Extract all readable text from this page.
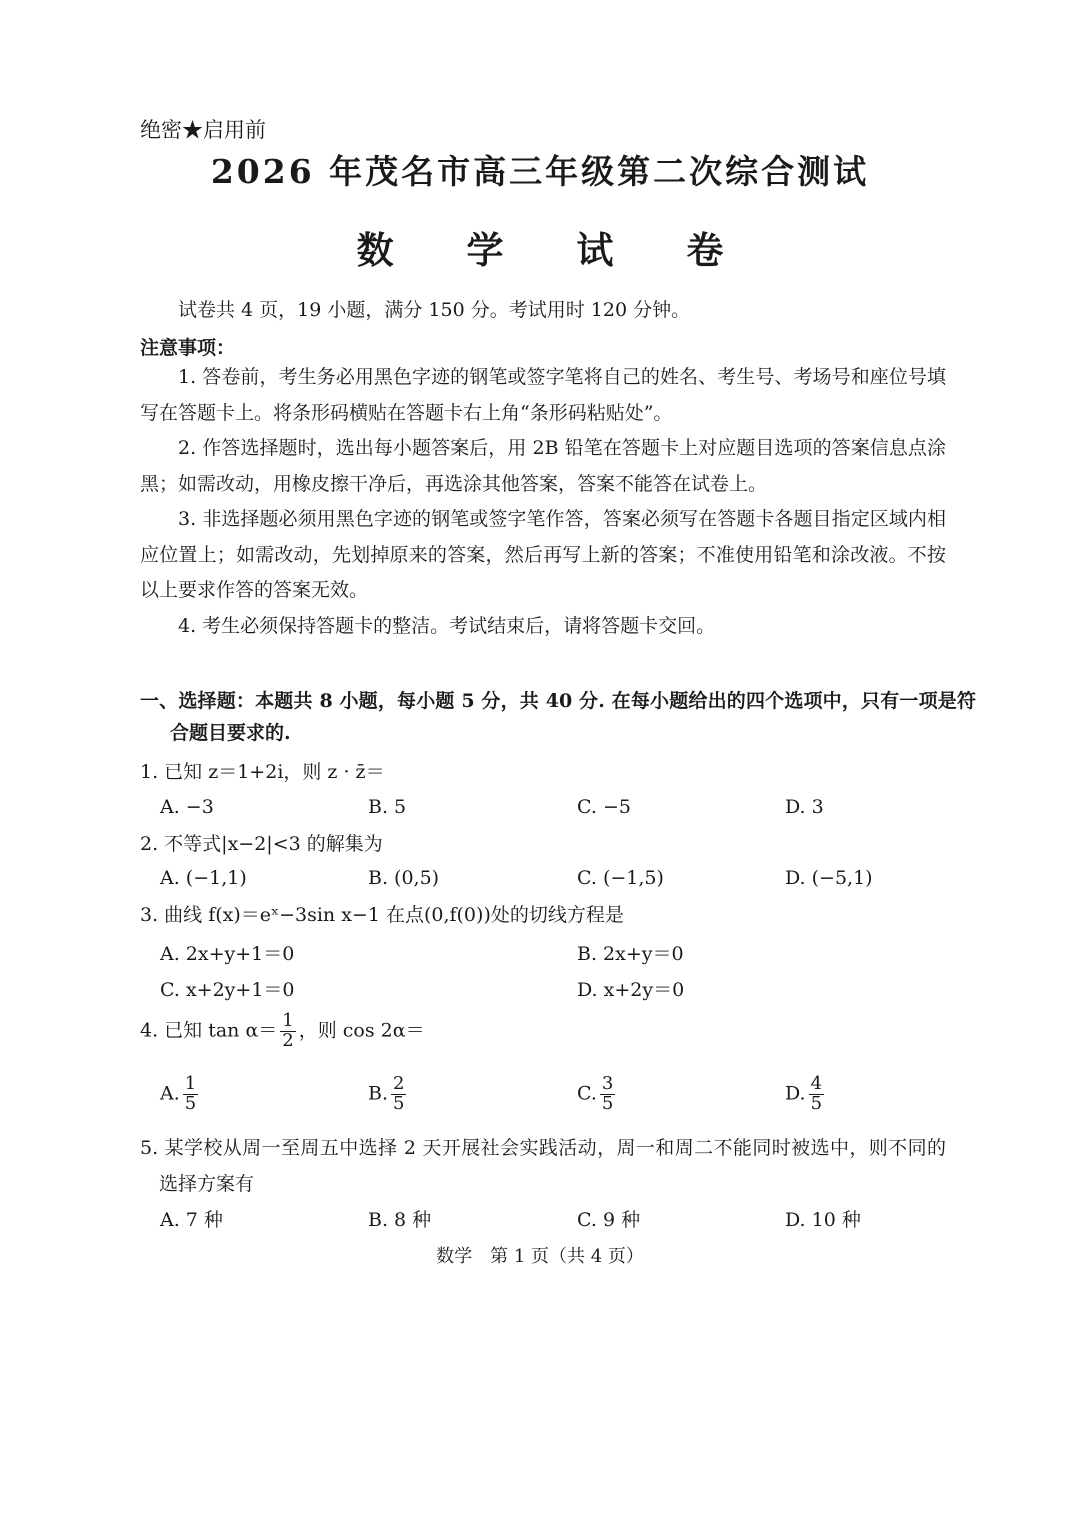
绝密★启用前
2026 年茂名市高三年级第二次综合测试
数 学 试 卷
试卷共 4 页，19 小题，满分 150 分。考试用时 120 分钟。
注意事项：
1. 答卷前，考生务必用黑色字迹的钢笔或签字笔将自己的姓名、考生号、考场号和座位号填写在答题卡上。将条形码横贴在答题卡右上角“条形码粘贴处”。
2. 作答选择题时，选出每小题答案后，用 2B 铅笔在答题卡上对应题目选项的答案信息点涂黑；如需改动，用橡皮擦干净后，再选涂其他答案，答案不能答在试卷上。
3. 非选择题必须用黑色字迹的钢笔或签字笔作答，答案必须写在答题卡各题目指定区域内相应位置上；如需改动，先划掉原来的答案，然后再写上新的答案；不准使用铅笔和涂改液。不按以上要求作答的答案无效。
4. 考生必须保持答题卡的整洁。考试结束后，请将答题卡交回。
一、选择题：本题共 8 小题，每小题 5 分，共 40 分. 在每小题给出的四个选项中，只有一项是符合题目要求的.
1. 已知 z＝1+2i，则 z · z̄＝
A. −3	B. 5	C. −5	D. 3
2. 不等式|x−2|<3 的解集为
A. (−1,1)	B. (0,5)	C. (−1,5)	D. (−5,1)
3. 曲线 f(x)＝eˣ−3sin x−1 在点(0,f(0))处的切线方程是
A. 2x+y+1＝0	B. 2x+y＝0
C. x+2y+1＝0	D. x+2y＝0
4. 已知 $\tan \alpha= \frac{1}{2}$ ，则 cos 2α＝
A. $\frac{1}{5}$	B. $\frac{2}{5}$	C. $\frac{3}{5}$	D. $\frac{4}{5}$
5. 某学校从周一至周五中选择 2 天开展社会实践活动，周一和周二不能同时被选中，则不同的选择方案有
A. 7 种	B. 8 种	C. 9 种	D. 10 种
数学　第 1 页（共 4 页）
